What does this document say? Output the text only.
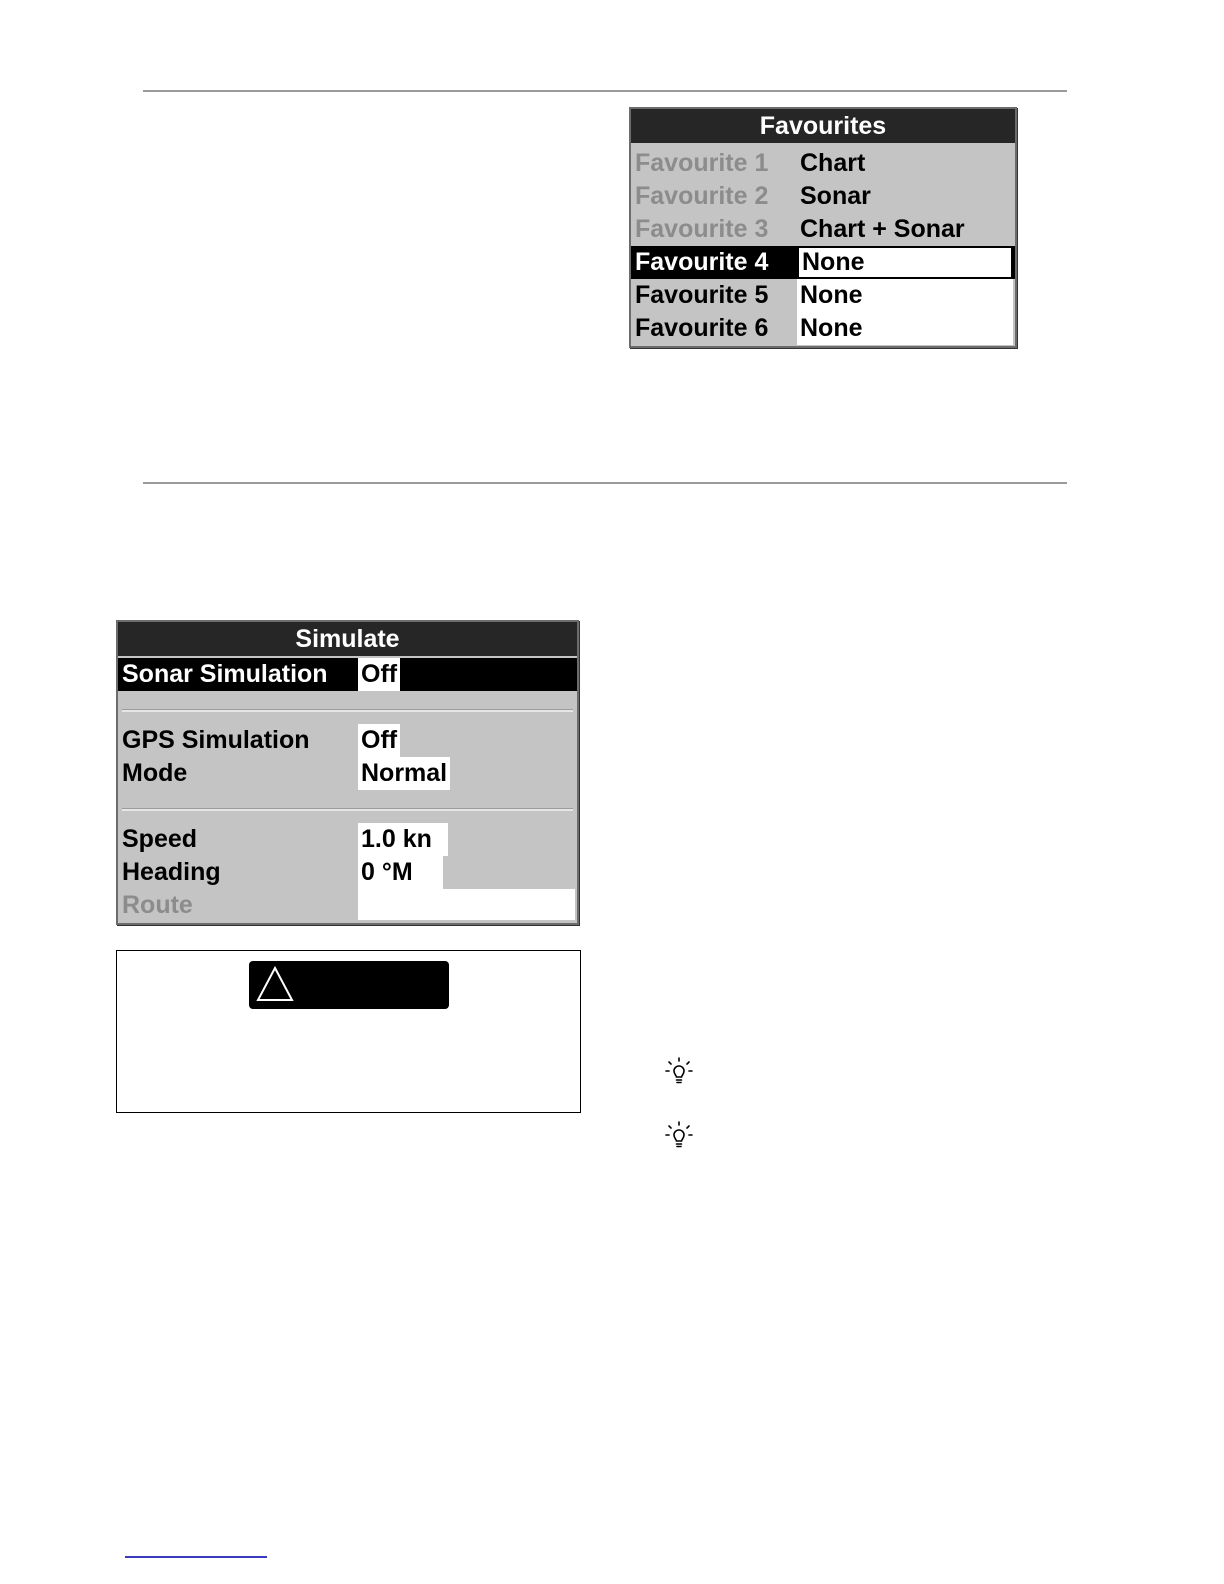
Favourites
Favourite 1 Chart
Favourite 2 Sonar
Favourite 3 Chart + Sonar
Favourite 4 None
Favourite 5 None
Favourite 6 None
Simulate
Sonar Simulation Off
GPS Simulation Off
Mode	Normal
Speed	1.0 kn
Heading	0 °M
Route
